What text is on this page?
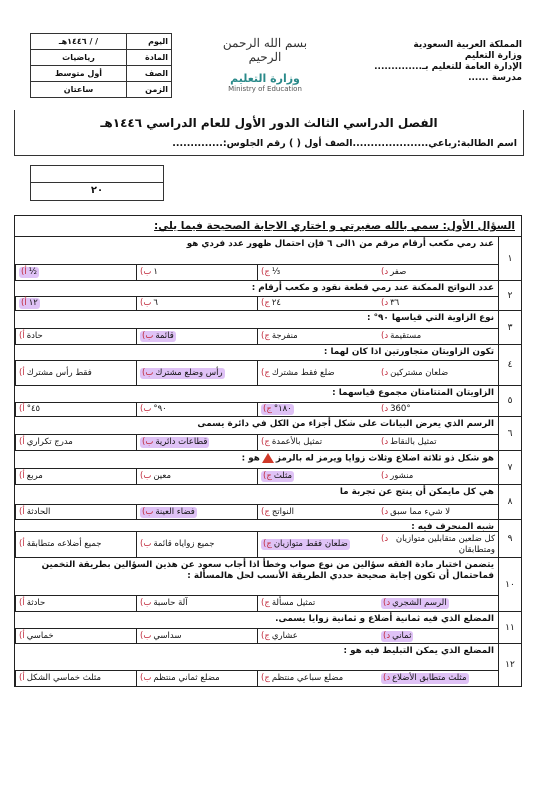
اليوم	/ / ١٤٤٦هـ
المادة	رياضيات
الصف	أول متوسط
الزمن	ساعتان
بسم الله الرحمن الرحيم
وزارة التعليم
Ministry of Education
المملكة العربية السعودية
وزارة التعليم
الإدارة العامة للتعليم بـ..............
مدرسة ......
الفصل الدراسي الثالث الدور الأول للعام الدراسي ١٤٤٦هـ
اسم الطالبة:رباعي.....................الصف أول ( ) رقم الجلوس:..............
٢٠
السؤال الأول: سمي بالله صغيرتي و اختاري الاجابة الصحيحة فيما يلي:
١
عند رمي مكعب أرقام مرقم من ١الى ٦ فإن احتمال ظهور عدد فردي هو
أ) ½	ب) ١	ج) ⅓	د) صفر
٢
عدد النواتج الممكنة عند رمي قطعة نقود و مكعب أرقام :
أ) ١٢	ب) ٦	ج) ٢٤	د) ٣٦
٣
نوع الزاوية التي قياسها ٩٠° :
أ) حادة	ب) قائمة	ج) منفرجة	د) مستقيمة
٤
تكون الزاويتان متجاورتين اذا كان لهما :
أ) فقط رأس مشترك	ب) رأس وضلع مشترك	ج) ضلع فقط مشترك	د) ضلعان مشتركين
٥
الزاويتان المتتامتان مجموع قياسهما :
أ) ٤٥°	ب) ٩٠°	ج) ١٨٠°	د) 360°
٦
الرسم الذي يعرض البيانات على شكل أجزاء من الكل في دائرة يسمى
أ) مدرج تكراري	ب) قطاعات دائرية	ج) تمثيل بالأعمدة	د) تمثيل بالنقاط
٧
هو شكل ذو ثلاثة اضلاع وثلاث زوايا ويرمز له بالرمزهو :
أ) مربع	ب) معين	ج) مثلث	د) منشور
٨
هي كل مايمكن أن ينتج عن تجربة ما
أ) الحادثة	ب) فضاء العينة	ج) النواتج	د) لا شيء مما سبق
٩
شبه المنحرف فيه :
أ) جميع أضلاعه متطابقة	ب) جميع زواياه قائمة	ج) ضلعان فقط متوازيان
د) كل ضلعين متقابلين متوازيان ومتطابقان
١٠
يتضمن اختبار مادة الفقه سؤالين من نوع صواب وخطأ اذا أجاب سعود عن هذين السؤالين بطريقة التخمين فماحتمال أن تكون إجابة صحيحة حددي الطريقة الأنسب لحل هالمسألة :
أ) حادثة	ب) آلة حاسبة	ج) تمثيل مسألة	د) الرسم الشجري
١١
المضلع الذي فيه ثمانية أضلاع و ثمانية زوايا يسمى.
أ) خماسي	ب) سداسي	ج) عشاري	د) ثماني
١٢
المضلع الذي يمكن التبليط فيه هو :
أ) مثلث خماسي الشكل	ب) مضلع ثماني منتظم	ج) مضلع سباعي منتظم	د) مثلث متطابق الأضلاع
